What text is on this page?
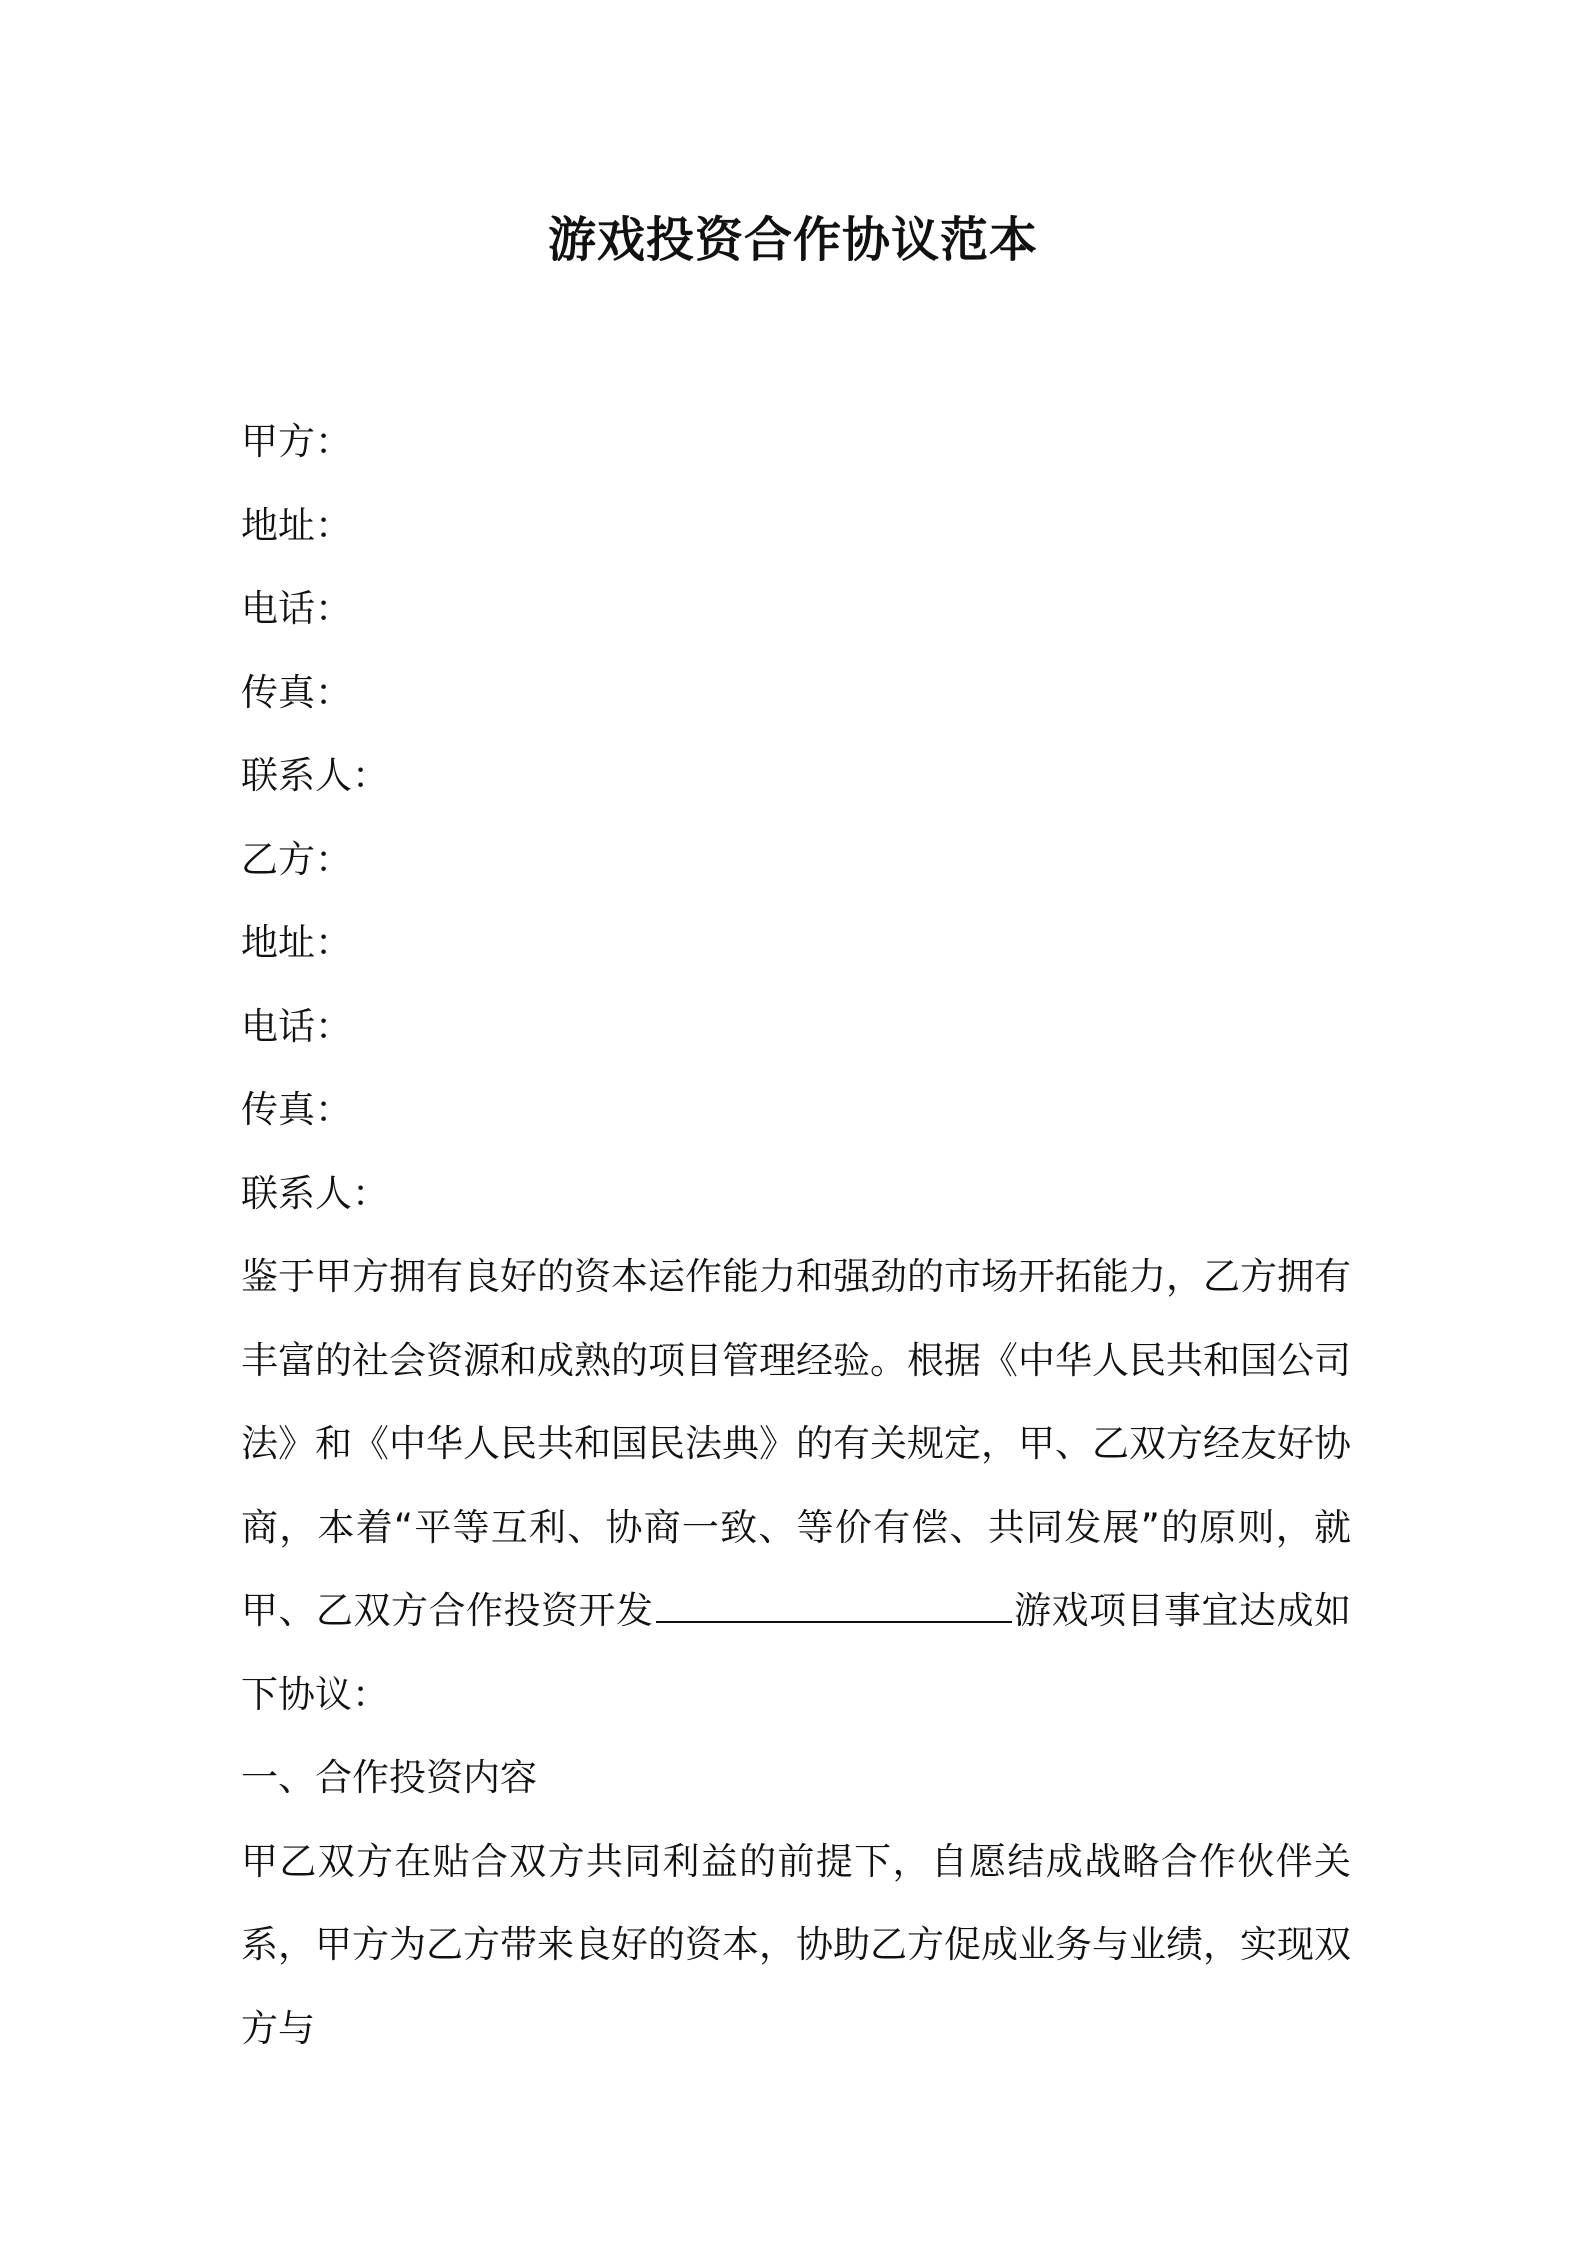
游戏投资合作协议范本

甲方：

地址：

电话：

传真：

联系人：

乙方：

地址：

电话：

传真：

联系人：

鉴于甲方拥有良好的资本运作能力和强劲的市场开拓能力，乙方拥有丰富的社会资源和成熟的项目管理经验。根据《中华人民共和国公司法》和《中华人民共和国民法典》的有关规定，甲、乙双方经友好协商，本着“平等互利、协商一致、等价有偿、共同发展”的原则，就甲、乙双方合作投资开发	游戏项目事宜达成如下协议：

一、合作投资内容

甲乙双方在贴合双方共同利益的前提下，自愿结成战略合作伙伴关系，甲方为乙方带来良好的资本，协助乙方促成业务与业绩，实现双方与
